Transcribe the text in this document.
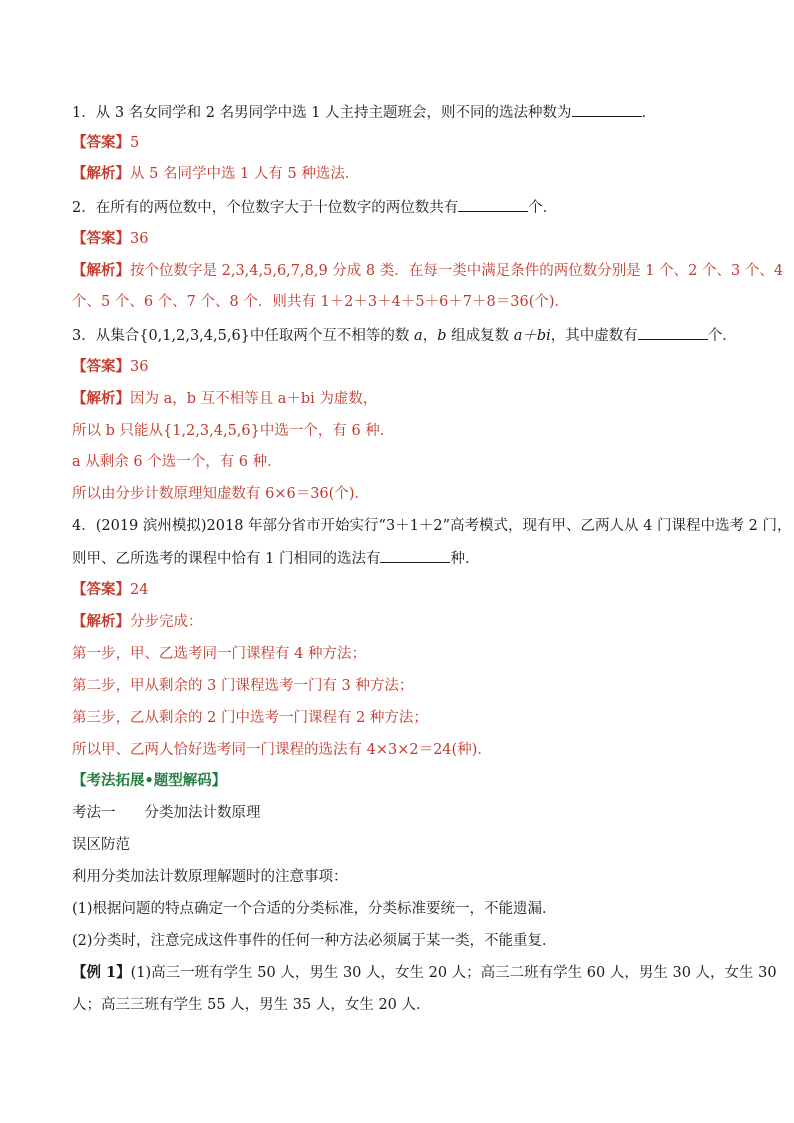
1．从 3 名女同学和 2 名男同学中选 1 人主持主题班会，则不同的选法种数为	．
【答案】5
【解析】从 5 名同学中选 1 人有 5 种选法．
2．在所有的两位数中，个位数字大于十位数字的两位数共有	个．
【答案】36
【解析】按个位数字是 2,3,4,5,6,7,8,9 分成 8 类．在每一类中满足条件的两位数分别是 1 个、2 个、3 个、4
个、5 个、6 个、7 个、8 个．则共有 1＋2＋3＋4＋5＋6＋7＋8＝36(个)．
3．从集合{0,1,2,3,4,5,6}中任取两个互不相等的数 a，b 组成复数 a＋bi，其中虚数有	个．
【答案】36
【解析】因为 a，b 互不相等且 a＋bi 为虚数，
所以 b 只能从{1,2,3,4,5,6}中选一个，有 6 种．
a 从剩余 6 个选一个，有 6 种．
所以由分步计数原理知虚数有 6×6＝36(个)．
4．(2019 滨州模拟)2018 年部分省市开始实行“3＋1＋2”高考模式，现有甲、乙两人从 4 门课程中选考 2 门，
则甲、乙所选考的课程中恰有 1 门相同的选法有	种．
【答案】24
【解析】分步完成：
第一步，甲、乙选考同一门课程有 4 种方法；
第二步，甲从剩余的 3 门课程选考一门有 3 种方法；
第三步，乙从剩余的 2 门中选考一门课程有 2 种方法；
所以甲、乙两人恰好选考同一门课程的选法有 4×3×2＝24(种)．
【考法拓展•题型解码】
考法一　　分类加法计数原理
误区防范
利用分类加法计数原理解题时的注意事项：
(1)根据问题的特点确定一个合适的分类标准，分类标准要统一，不能遗漏．
(2)分类时，注意完成这件事件的任何一种方法必须属于某一类，不能重复．
【例 1】(1)高三一班有学生 50 人，男生 30 人，女生 20 人；高三二班有学生 60 人，男生 30 人，女生 30
人；高三三班有学生 55 人，男生 35 人，女生 20 人．
